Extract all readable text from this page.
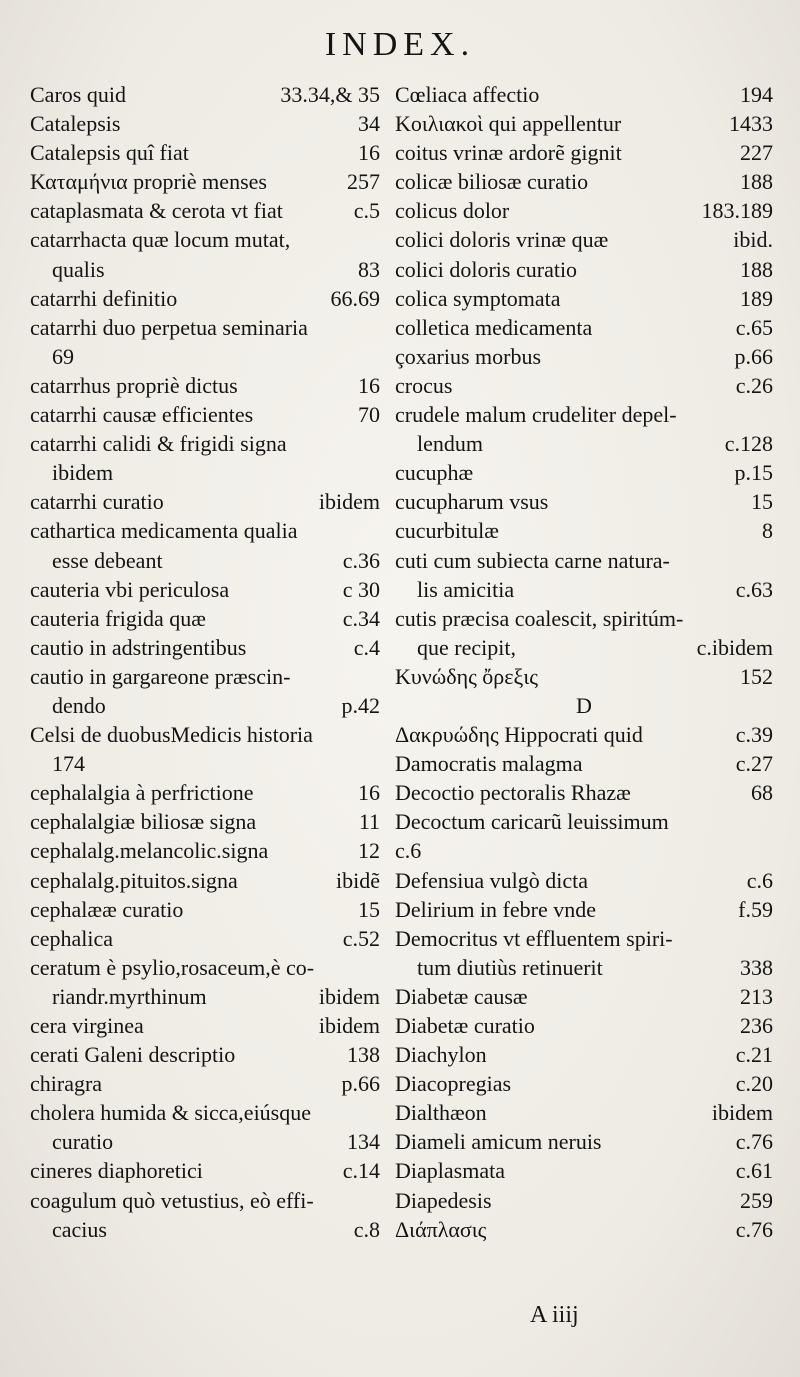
INDEX.
Caros quid	33.34,& 35
Catalepsis	34
Catalepsis quî fiat	16
Καταμήνια propriè menses	257
cataplasmata & cerota vt fiat	c.5
catarrhacta quæ locum mutat,
qualis	83
catarrhi definitio	66.69
catarrhi duo perpetua seminaria
69
catarrhus propriè dictus	16
catarrhi causæ efficientes	70
catarrhi calidi & frigidi signa
ibidem
catarrhi curatio	ibidem
cathartica medicamenta qualia
esse debeant	c.36
cauteria vbi periculosa	c 30
cauteria frigida quæ	c.34
cautio in adstringentibus	c.4
cautio in gargareone præscin-
dendo	p.42
Celsi de duobusMedicis historia
174
cephalalgia à perfrictione	16
cephalalgiæ biliosæ signa	11
cephalalg.melancolic.signa	12
cephalalg.pituitos.signa	ibidẽ
cephalææ curatio	15
cephalica	c.52
ceratum è psylio,rosaceum,è co-
riandr.myrthinum	ibidem
cera virginea	ibidem
cerati Galeni descriptio	138
chiragra	p.66
cholera humida & sicca,eiúsque
curatio	134
cineres diaphoretici	c.14
coagulum quò vetustius, eò effi-
cacius	c.8
Cœliaca affectio	194
Κοιλιακοὶ qui appellentur	1433
coitus vrinæ ardorẽ gignit	227
colicæ biliosæ curatio	188
colicus dolor	183.189
colici doloris vrinæ quæ	ibid.
colici doloris curatio	188
colica symptomata	189
colletica medicamenta	c.65
çoxarius morbus	p.66
crocus	c.26
crudele malum crudeliter depel-
lendum	c.128
cucuphæ	p.15
cucupharum vsus	15
cucurbitulæ	8
cuti cum subiecta carne natura-
lis amicitia	c.63
cutis præcisa coalescit, spiritúm-
que recipit,	c.ibidem
Κυνώδης ὄρεξις	152
D
Δακρυώδης Hippocrati quid	c.39
Damocratis malagma	c.27
Decoctio pectoralis Rhazæ	68
Decoctum caricarũ leuissimum
c.6
Defensiua vulgò dicta	c.6
Delirium in febre vnde	f.59
Democritus vt effluentem spiri-
tum diutiùs retinuerit	338
Diabetæ causæ	213
Diabetæ curatio	236
Diachylon	c.21
Diacopregias	c.20
Dialthæon	ibidem
Diameli amicum neruis	c.76
Diaplasmata	c.61
Diapedesis	259
Διάπλασις	c.76
A iiij
